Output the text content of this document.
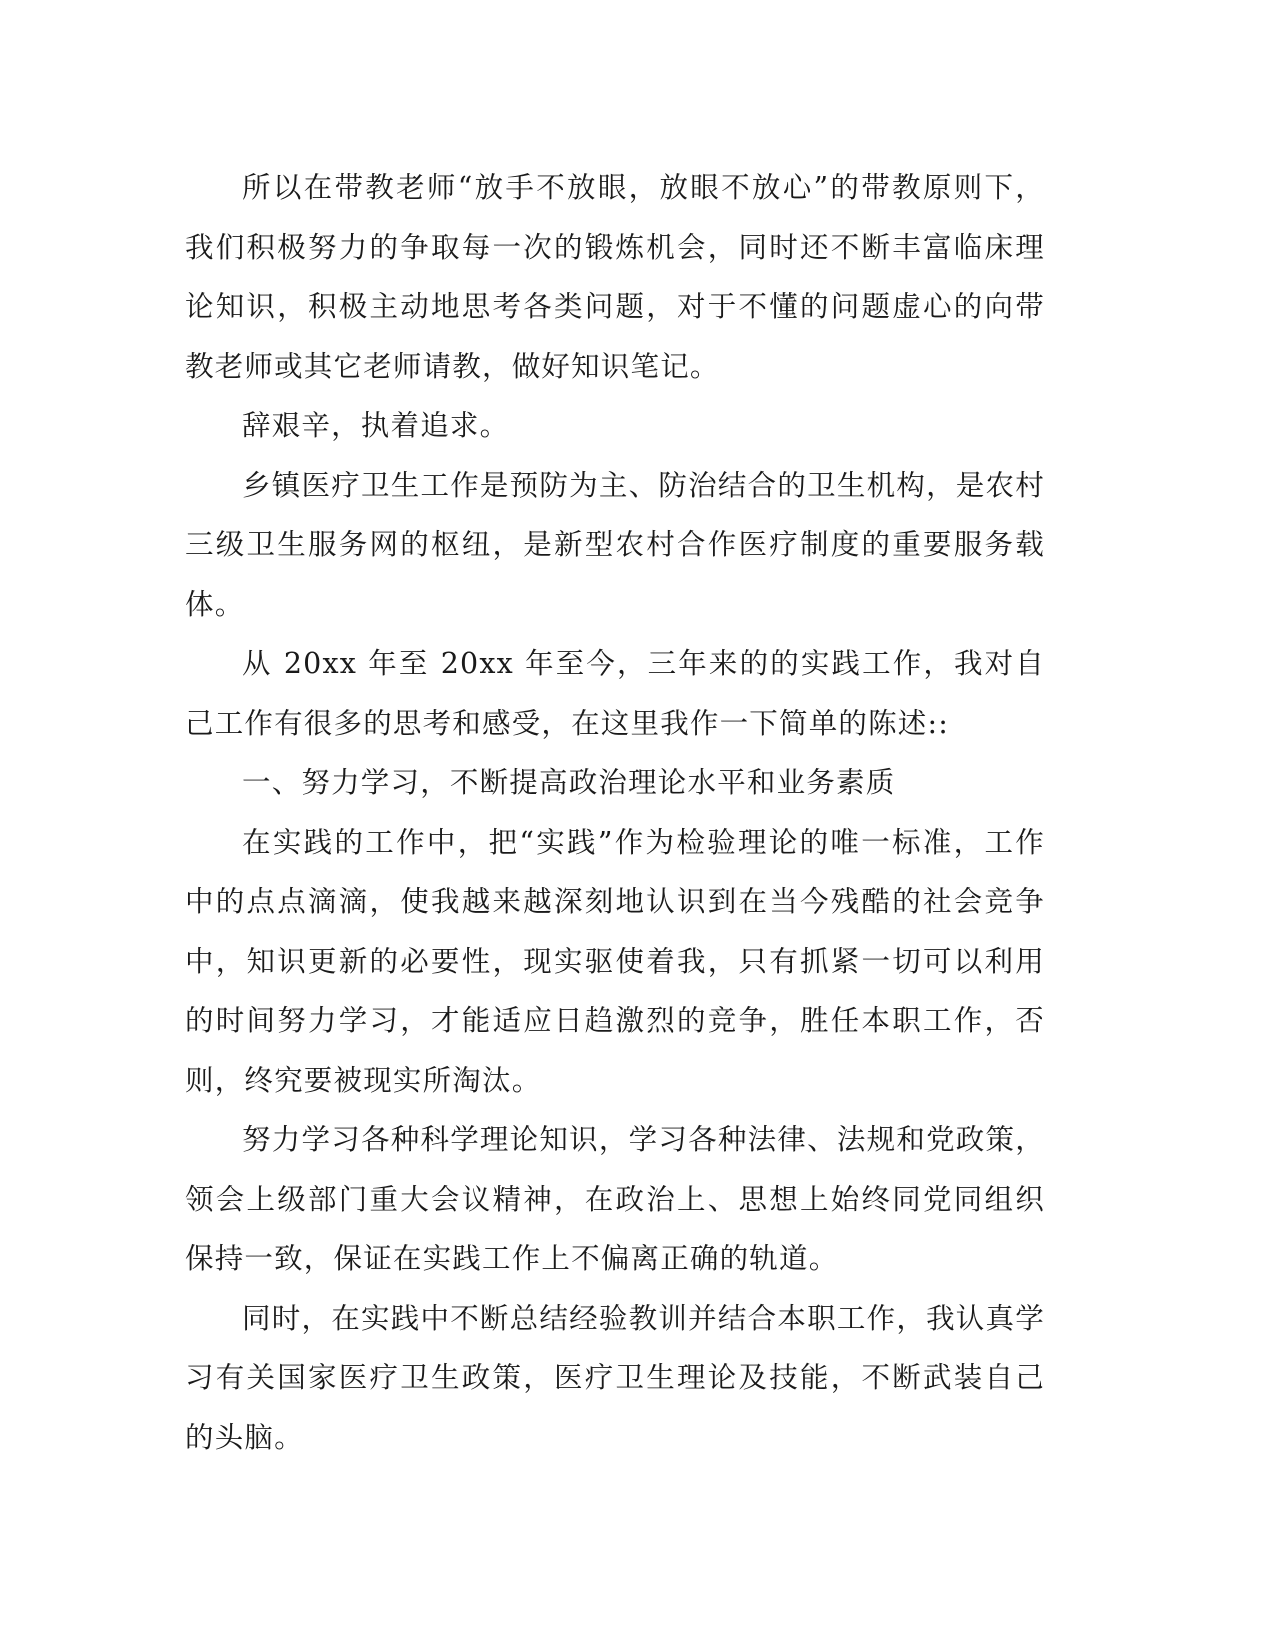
所以在带教老师“放手不放眼，放眼不放心”的带教原则下，我们积极努力的争取每一次的锻炼机会，同时还不断丰富临床理论知识，积极主动地思考各类问题，对于不懂的问题虚心的向带教老师或其它老师请教，做好知识笔记。

辞艰辛，执着追求。

乡镇医疗卫生工作是预防为主、防治结合的卫生机构，是农村三级卫生服务网的枢纽，是新型农村合作医疗制度的重要服务载体。

从 20xx 年至 20xx 年至今，三年来的的实践工作，我对自己工作有很多的思考和感受，在这里我作一下简单的陈述::

一、努力学习，不断提高政治理论水平和业务素质

在实践的工作中，把“实践”作为检验理论的唯一标准，工作中的点点滴滴，使我越来越深刻地认识到在当今残酷的社会竞争中，知识更新的必要性，现实驱使着我，只有抓紧一切可以利用的时间努力学习，才能适应日趋激烈的竞争，胜任本职工作，否则，终究要被现实所淘汰。

努力学习各种科学理论知识，学习各种法律、法规和党政策，领会上级部门重大会议精神，在政治上、思想上始终同党同组织保持一致，保证在实践工作上不偏离正确的轨道。

同时，在实践中不断总结经验教训并结合本职工作，我认真学习有关国家医疗卫生政策，医疗卫生理论及技能，不断武装自己的头脑。
